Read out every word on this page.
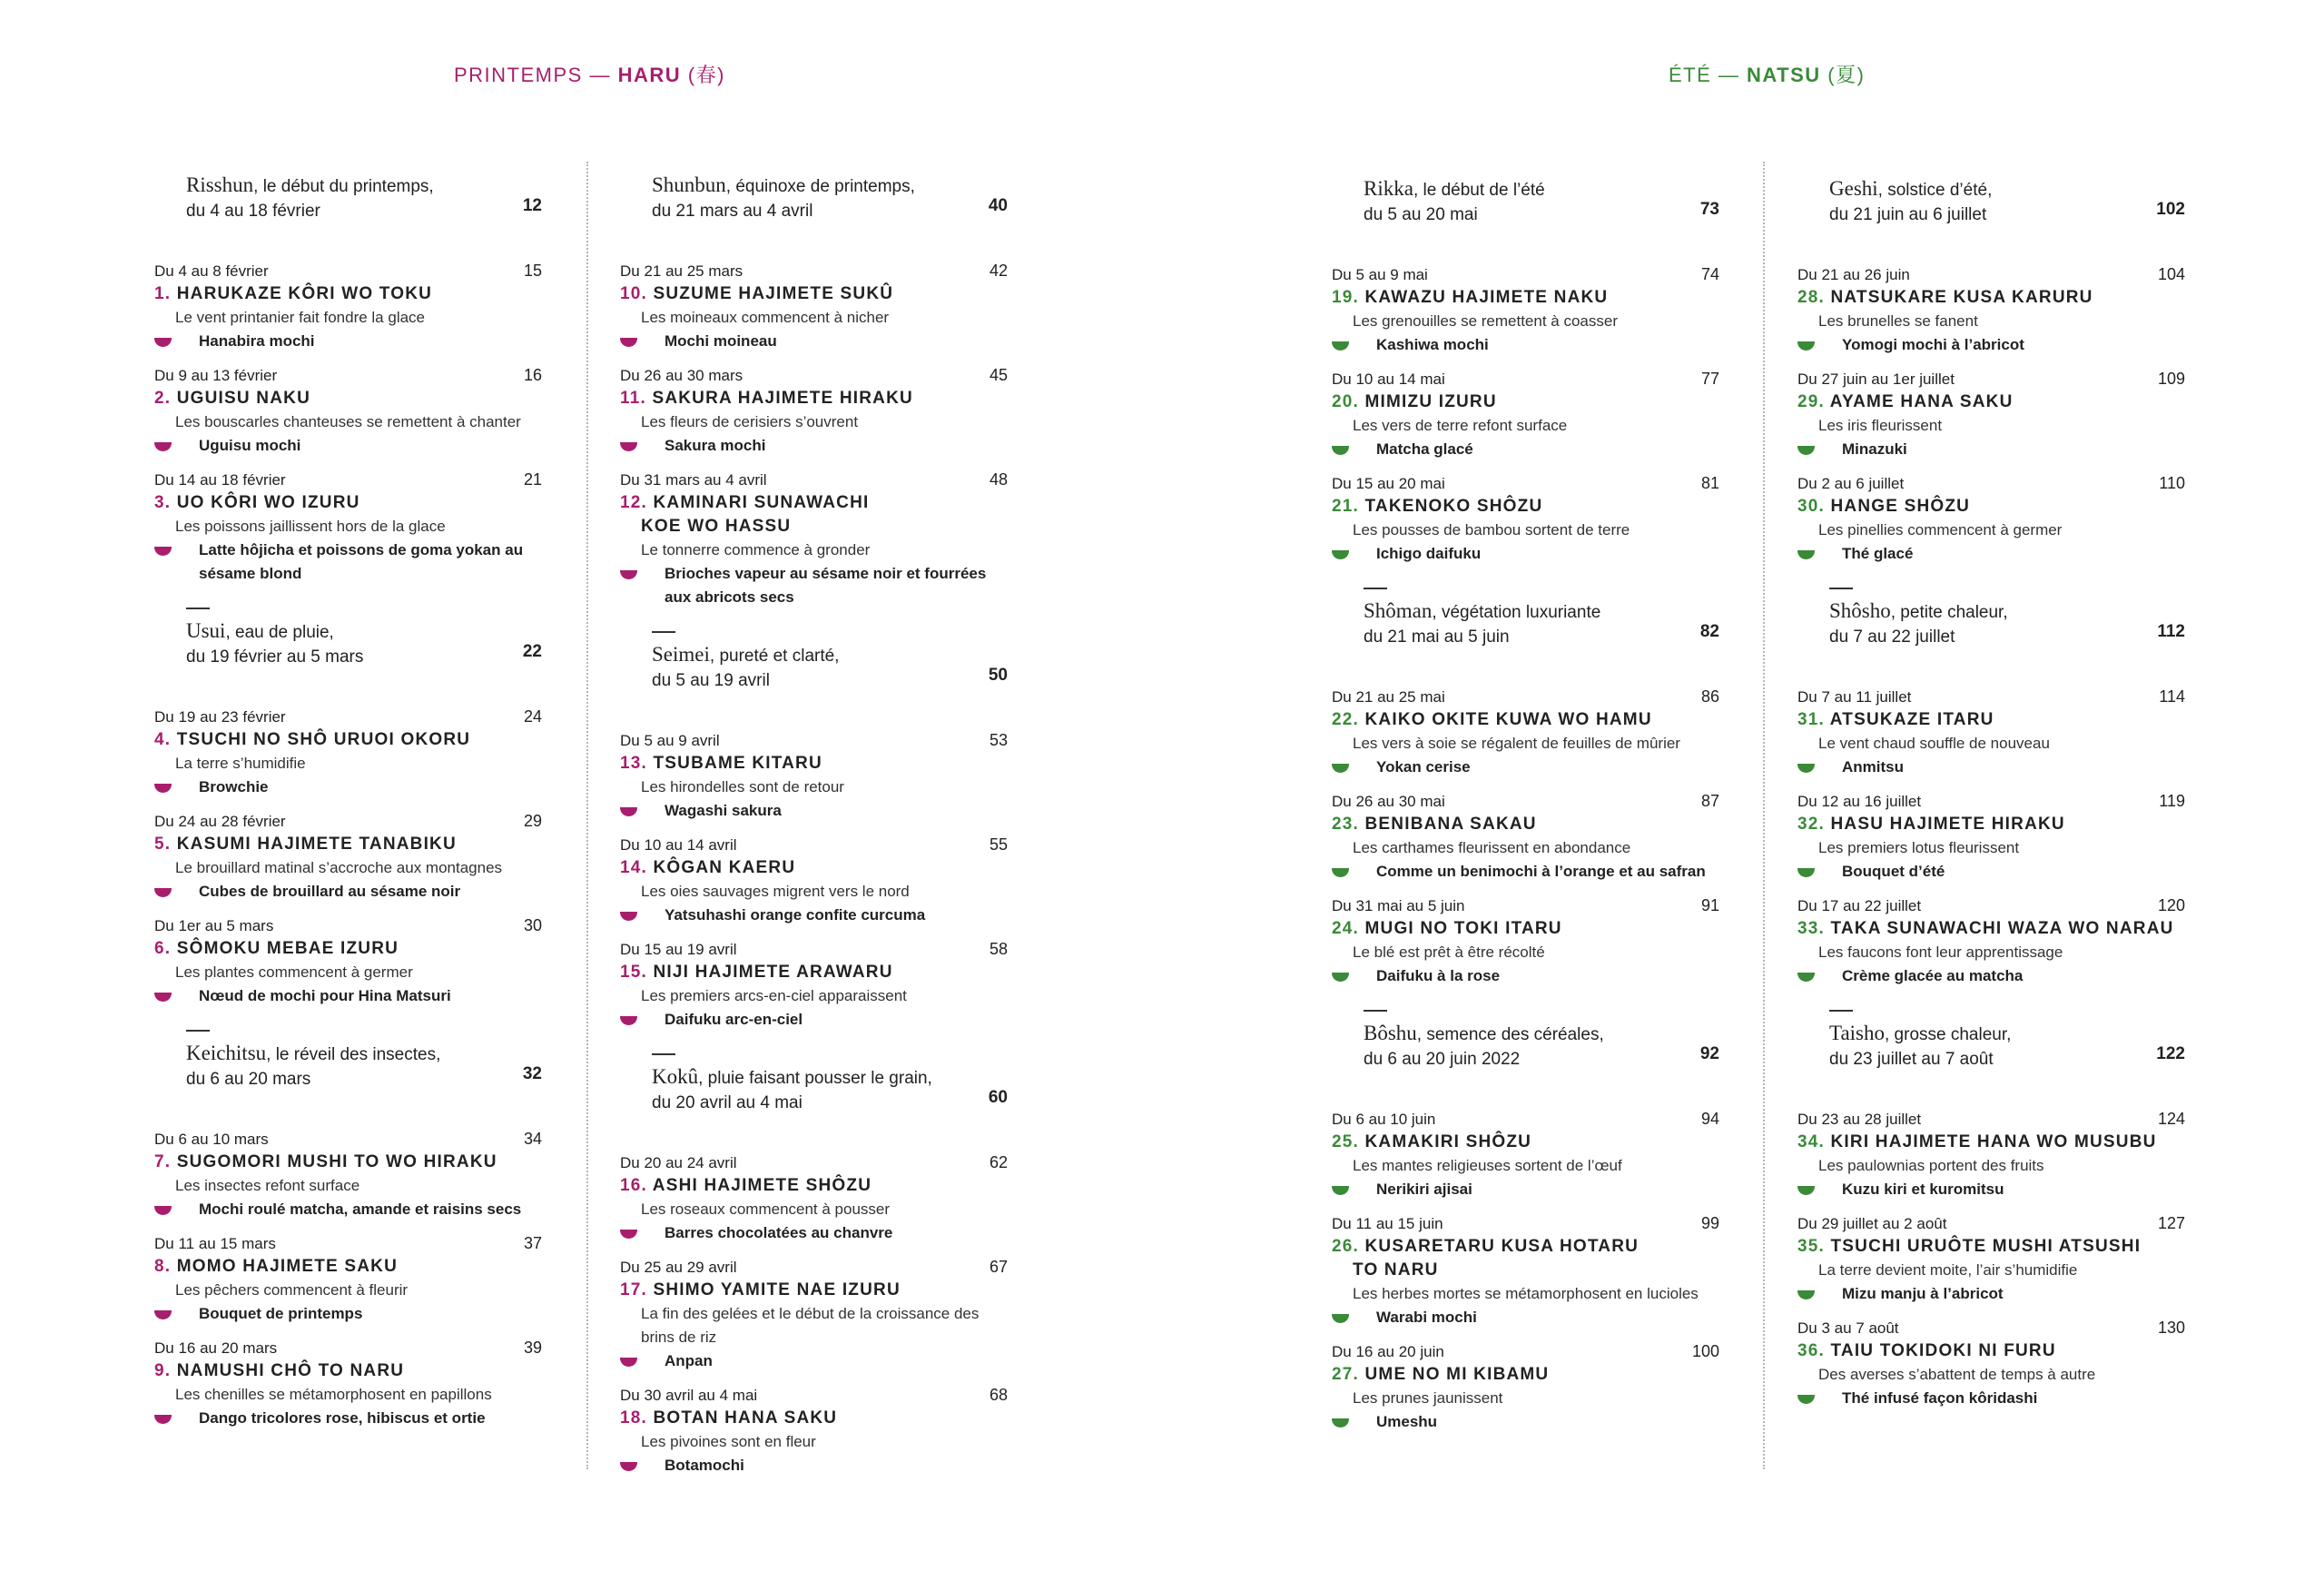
PRINTEMPS — HARU (春)	ÉTÉ — NATSU (夏)
Risshun, le début du printemps,
du 4 au 18 février	12
Du 4 au 8 février	15
1. HARUKAZE KÔRI WO TOKU
Le vent printanier fait fondre la glace
Hanabira mochi
Du 9 au 13 février	16
2. UGUISU NAKU
Les bouscarles chanteuses se remettent à chanter
Uguisu mochi
Du 14 au 18 février	21
3. UO KÔRI WO IZURU
Les poissons jaillissent hors de la glace
Latte hôjicha et poissons de goma yokan au sésame blond
Usui, eau de pluie,
du 19 février au 5 mars	22
Du 19 au 23 février	24
4. TSUCHI NO SHÔ URUOI OKORU
La terre s’humidifie
Browchie
Du 24 au 28 février	29
5. KASUMI HAJIMETE TANABIKU
Le brouillard matinal s’accroche aux montagnes
Cubes de brouillard au sésame noir
Du 1er au 5 mars	30
6. SÔMOKU MEBAE IZURU
Les plantes commencent à germer
Nœud de mochi pour Hina Matsuri
Keichitsu, le réveil des insectes,
du 6 au 20 mars	32
Du 6 au 10 mars	34
7. SUGOMORI MUSHI TO WO HIRAKU
Les insectes refont surface
Mochi roulé matcha, amande et raisins secs
Du 11 au 15 mars	37
8. MOMO HAJIMETE SAKU
Les pêchers commencent à fleurir
Bouquet de printemps
Du 16 au 20 mars	39
9. NAMUSHI CHÔ TO NARU
Les chenilles se métamorphosent en papillons
Dango tricolores rose, hibiscus et ortie
Shunbun, équinoxe de printemps,
du 21 mars au 4 avril	40
Du 21 au 25 mars	42
10. SUZUME HAJIMETE SUKÛ
Les moineaux commencent à nicher
Mochi moineau
Du 26 au 30 mars	45
11. SAKURA HAJIMETE HIRAKU
Les fleurs de cerisiers s’ouvrent
Sakura mochi
Du 31 mars au 4 avril	48
12. KAMINARI SUNAWACHI
KOE WO HASSU
Le tonnerre commence à gronder
Brioches vapeur au sésame noir et fourrées aux abricots secs
Seimei, pureté et clarté,
du 5 au 19 avril	50
Du 5 au 9 avril	53
13. TSUBAME KITARU
Les hirondelles sont de retour
Wagashi sakura
Du 10 au 14 avril	55
14. KÔGAN KAERU
Les oies sauvages migrent vers le nord
Yatsuhashi orange confite curcuma
Du 15 au 19 avril	58
15. NIJI HAJIMETE ARAWARU
Les premiers arcs-en-ciel apparaissent
Daifuku arc-en-ciel
Kokû, pluie faisant pousser le grain,
du 20 avril au 4 mai	60
Du 20 au 24 avril	62
16. ASHI HAJIMETE SHÔZU
Les roseaux commencent à pousser
Barres chocolatées au chanvre
Du 25 au 29 avril	67
17. SHIMO YAMITE NAE IZURU
La fin des gelées et le début de la croissance des brins de riz
Anpan
Du 30 avril au 4 mai	68
18. BOTAN HANA SAKU
Les pivoines sont en fleur
Botamochi
Rikka, le début de l’été
du 5 au 20 mai	73
Du 5 au 9 mai	74
19. KAWAZU HAJIMETE NAKU
Les grenouilles se remettent à coasser
Kashiwa mochi
Du 10 au 14 mai	77
20. MIMIZU IZURU
Les vers de terre refont surface
Matcha glacé
Du 15 au 20 mai	81
21. TAKENOKO SHÔZU
Les pousses de bambou sortent de terre
Ichigo daifuku
Shôman, végétation luxuriante
du 21 mai au 5 juin	82
Du 21 au 25 mai	86
22. KAIKO OKITE KUWA WO HAMU
Les vers à soie se régalent de feuilles de mûrier
Yokan cerise
Du 26 au 30 mai	87
23. BENIBANA SAKAU
Les carthames fleurissent en abondance
Comme un benimochi à l’orange et au safran
Du 31 mai au 5 juin	91
24. MUGI NO TOKI ITARU
Le blé est prêt à être récolté
Daifuku à la rose
Bôshu, semence des céréales,
du 6 au 20 juin 2022	92
Du 6 au 10 juin	94
25. KAMAKIRI SHÔZU
Les mantes religieuses sortent de l’œuf
Nerikiri ajisai
Du 11 au 15 juin	99
26. KUSARETARU KUSA HOTARU
TO NARU
Les herbes mortes se métamorphosent en lucioles
Warabi mochi
Du 16 au 20 juin	100
27. UME NO MI KIBAMU
Les prunes jaunissent
Umeshu
Geshi, solstice d’été,
du 21 juin au 6 juillet	102
Du 21 au 26 juin	104
28. NATSUKARE KUSA KARURU
Les brunelles se fanent
Yomogi mochi à l’abricot
Du 27 juin au 1er juillet	109
29. AYAME HANA SAKU
Les iris fleurissent
Minazuki
Du 2 au 6 juillet	110
30. HANGE SHÔZU
Les pinellies commencent à germer
Thé glacé
Shôsho, petite chaleur,
du 7 au 22 juillet	112
Du 7 au 11 juillet	114
31. ATSUKAZE ITARU
Le vent chaud souffle de nouveau
Anmitsu
Du 12 au 16 juillet	119
32. HASU HAJIMETE HIRAKU
Les premiers lotus fleurissent
Bouquet d’été
Du 17 au 22 juillet	120
33. TAKA SUNAWACHI WAZA WO NARAU
Les faucons font leur apprentissage
Crème glacée au matcha
Taisho, grosse chaleur,
du 23 juillet au 7 août	122
Du 23 au 28 juillet	124
34. KIRI HAJIMETE HANA WO MUSUBU
Les paulownias portent des fruits
Kuzu kiri et kuromitsu
Du 29 juillet au 2 août	127
35. TSUCHI URUÔTE MUSHI ATSUSHI
La terre devient moite, l’air s’humidifie
Mizu manju à l’abricot
Du 3 au 7 août	130
36. TAIU TOKIDOKI NI FURU
Des averses s’abattent de temps à autre
Thé infusé façon kôridashi
